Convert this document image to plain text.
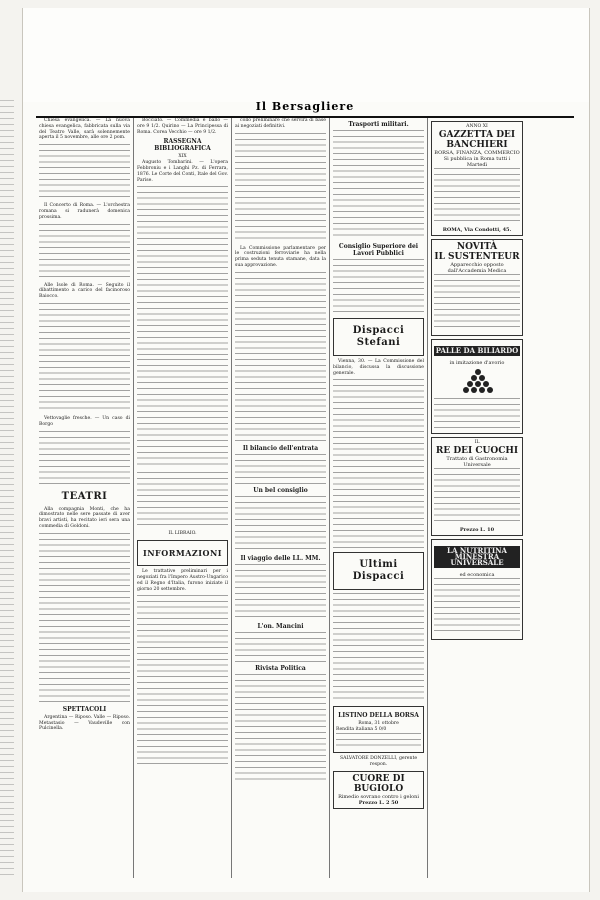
Il Bersagliere
Chiesa evangelica. — La nuova chiesa evangelica, fabbricata sulla via del Teatro Valle, sarà solennemente aperta il 5 novembre, alle ore 2 pom.
Il Concerto di Roma. — L'orchestra romana si radunerà domenica prossima.
Alle Isole di Roma. — Seguito il dibattimento a carico del facinoroso Baiocco.
Vettovaglie fresche. — Un caso di Borgo
TEATRI
Alla compagnia Monti, che ha dimostrato nelle sere passate di aver bravi artisti, ha recitato ieri sera una commedia di Goldoni.
SPETTACOLI
Argentina — Riposo. Valle — Riposo. Metastasio — Vaudeville con Pulcinella.
Bocciato. — Commedia e ballo — ore 9 1/2. Quirino — La Principessa di Roma. Corea Vecchio — ore 9 1/2.
RASSEGNA BIBLIOGRAFICA
XIX
Augusto Tombarini. — L'opera Febbroniu e i Langhi Pz. di Ferrara, 1876. Le Corte del Conti, Itale del Gov. Parise.
IL LIBRAIO.
INFORMAZIONI
Le trattative preliminari per i negoziati fra l'Impero Austro-Ungarico ed il Regno d'Italia, furono iniziate il giorno 20 settembre.
collo preliminare che servirà di base ai negoziati definitivi.
La Commissione parlamentare per le costruzioni ferroviarie ha nella prima seduta tenuta stamane, data la sua approvazione.
Il bilancio dell'entrata
Un bel consiglio
Il viaggio delle LL. MM.
L'on. Mancini
Rivista Politica
Trasporti militari.
Consiglio Superiore dei Lavori Pubblici
Dispacci Stefani
Vienna, 30. — La Commissione del bilancio, discussa la discussione generale.
Ultimi Dispacci
LISTINO DELLA BORSA
Roma, 31 ottobre
Rendita italiana 5 0/0
SALVATORE DONZELLI, gerente respon.
CUORE DI BUGIOLO
Rimedio sovrano contro i geloni
Prezzo L. 2 50
ANNO XI
GAZZETTA DEI BANCHIERI
BORSA, FINANZA, COMMERCIO
Si pubblica in Roma tutti i Martedì
ROMA, Via Condotti, 45.
NOVITÀ
IL SUSTENTEUR
Apparecchio opposto dall'Accademia Medica
PALLE DA BILIARDO
in imitazione d'avorio
IL
RE DEI CUOCHI
Trattato di Gastronomia Universale
Prezzo L. 10
LA NUTRITINA MINESTRA UNIVERSALE
ed economica
